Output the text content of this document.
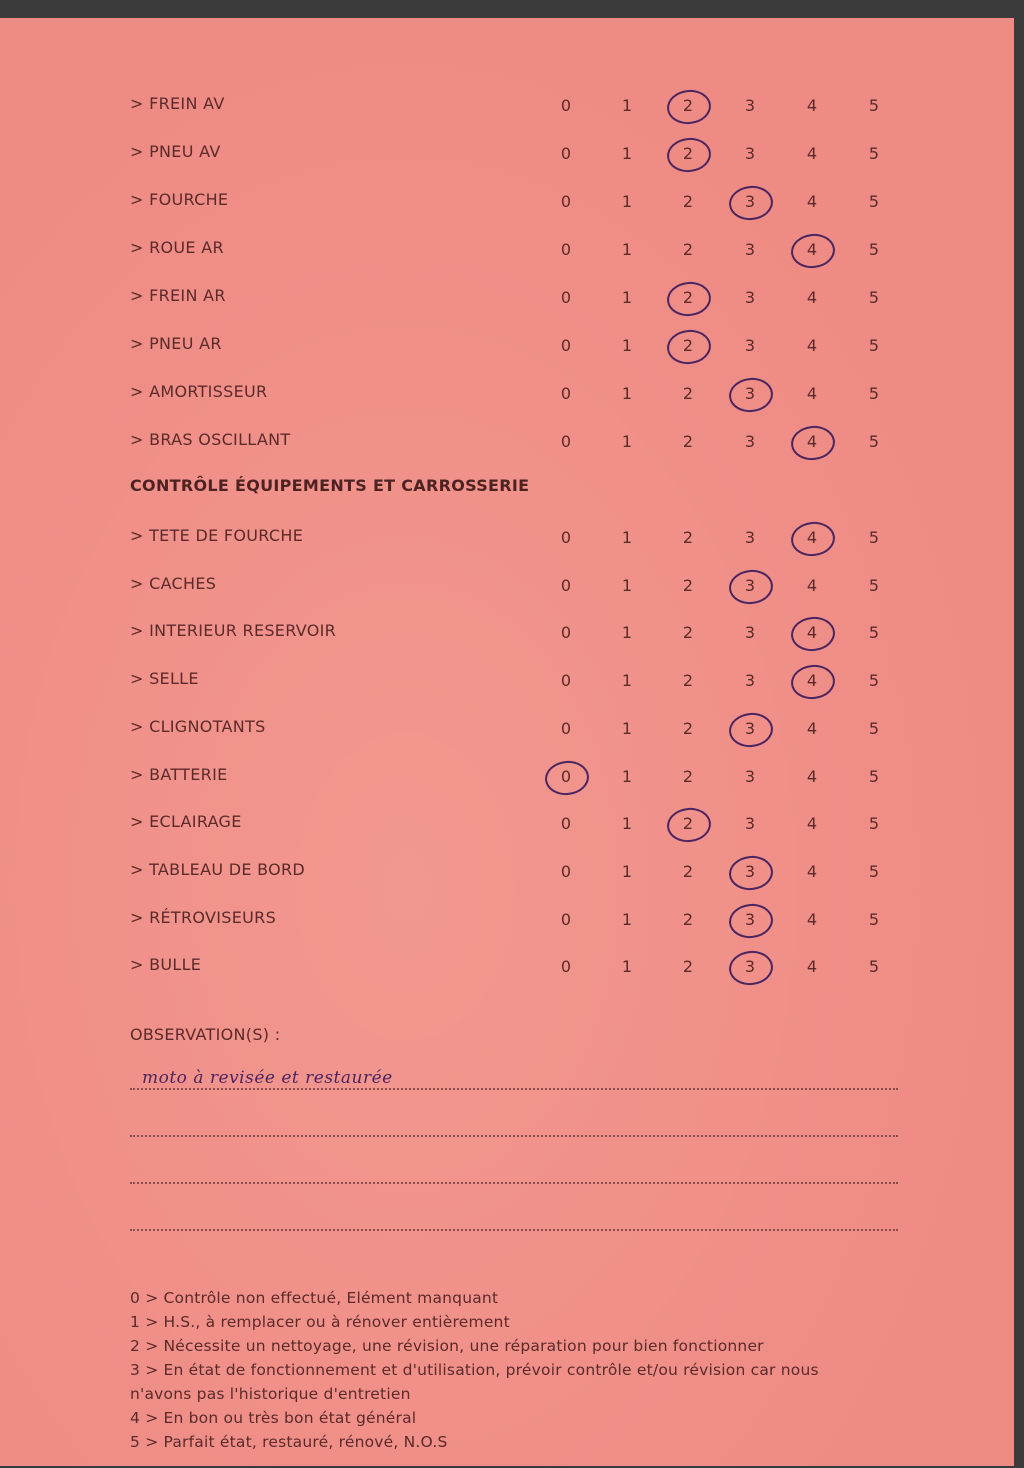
> FREIN AV	0	1	2	3	4	5
> PNEU AV	0	1	2	3	4	5
> FOURCHE	0	1	2	3	4	5
> ROUE AR	0	1	2	3	4	5
> FREIN AR	0	1	2	3	4	5
> PNEU AR	0	1	2	3	4	5
> AMORTISSEUR	0	1	2	3	4	5
> BRAS OSCILLANT	0	1	2	3	4	5
CONTRÔLE ÉQUIPEMENTS ET CARROSSERIE
> TETE DE FOURCHE	0	1	2	3	4	5
> CACHES	0	1	2	3	4	5
> INTERIEUR RESERVOIR	0	1	2	3	4	5
> SELLE	0	1	2	3	4	5
> CLIGNOTANTS	0	1	2	3	4	5
> BATTERIE	0	1	2	3	4	5
> ECLAIRAGE	0	1	2	3	4	5
> TABLEAU DE BORD	0	1	2	3	4	5
> RÉTROVISEURS	0	1	2	3	4	5
> BULLE	0	1	2	3	4	5
OBSERVATION(S) :
moto à revisée et restaurée
0 > Contrôle non effectué, Elément manquant
1 > H.S., à remplacer ou à rénover entièrement
2 > Nécessite un nettoyage, une révision, une réparation pour bien fonctionner
3 > En état de fonctionnement et d'utilisation, prévoir contrôle et/ou révision car nous
n'avons pas l'historique d'entretien
4 > En bon ou très bon état général
5 > Parfait état, restauré, rénové, N.O.S
